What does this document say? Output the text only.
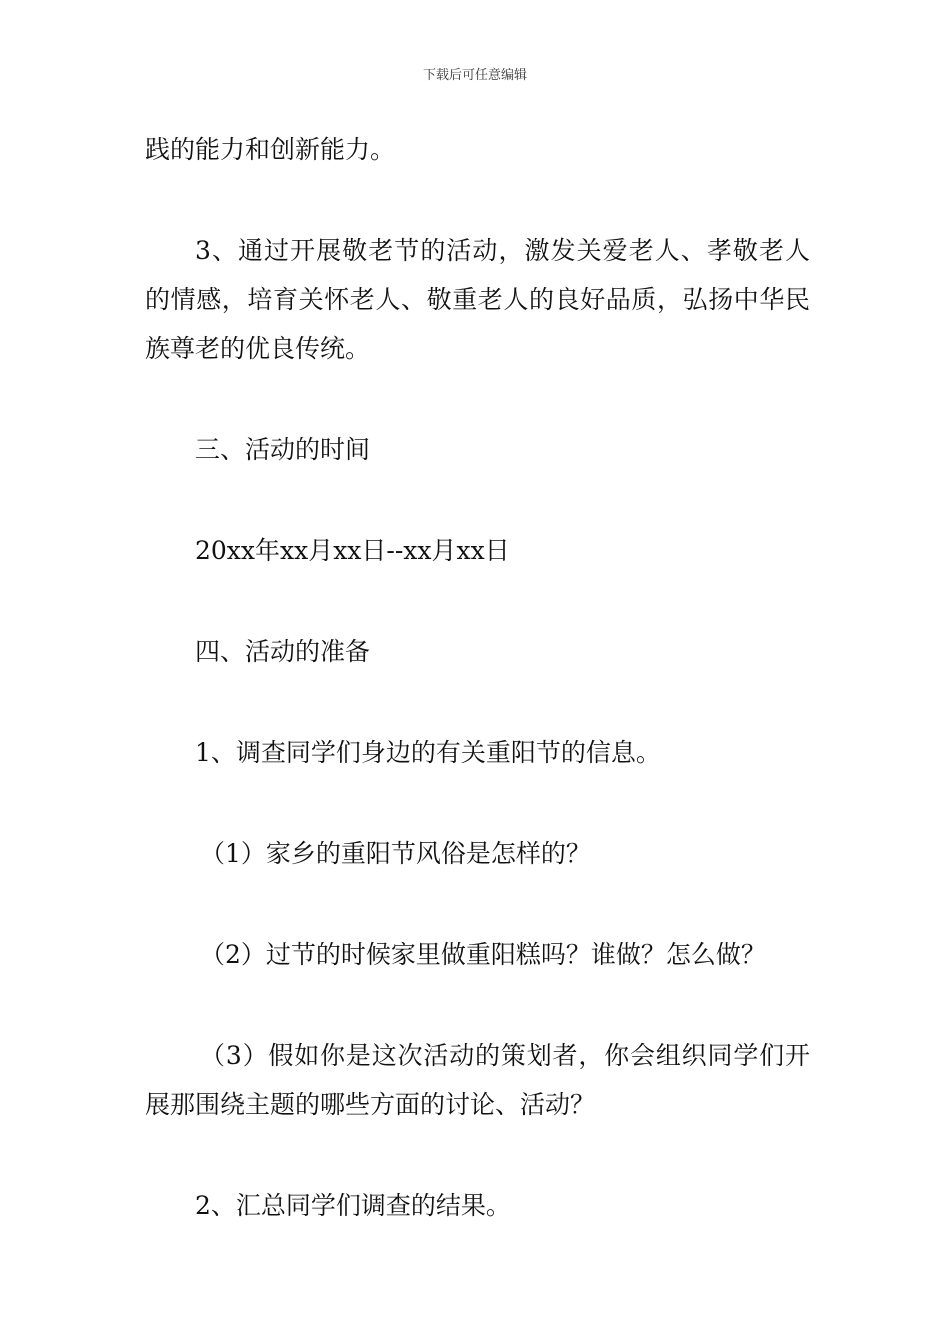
下载后可任意编辑

践的能力和创新能力。

3、通过开展敬老节的活动，激发关爱老人、孝敬老人的情感，培育关怀老人、敬重老人的良好品质，弘扬中华民族尊老的优良传统。

三、活动的时间

20xx年xx月xx日--xx月xx日

四、活动的准备

1、调查同学们身边的有关重阳节的信息。

（1）家乡的重阳节风俗是怎样的？

（2）过节的时候家里做重阳糕吗？谁做？怎么做？

（3）假如你是这次活动的策划者，你会组织同学们开展那围绕主题的哪些方面的讨论、活动？

2、汇总同学们调查的结果。
